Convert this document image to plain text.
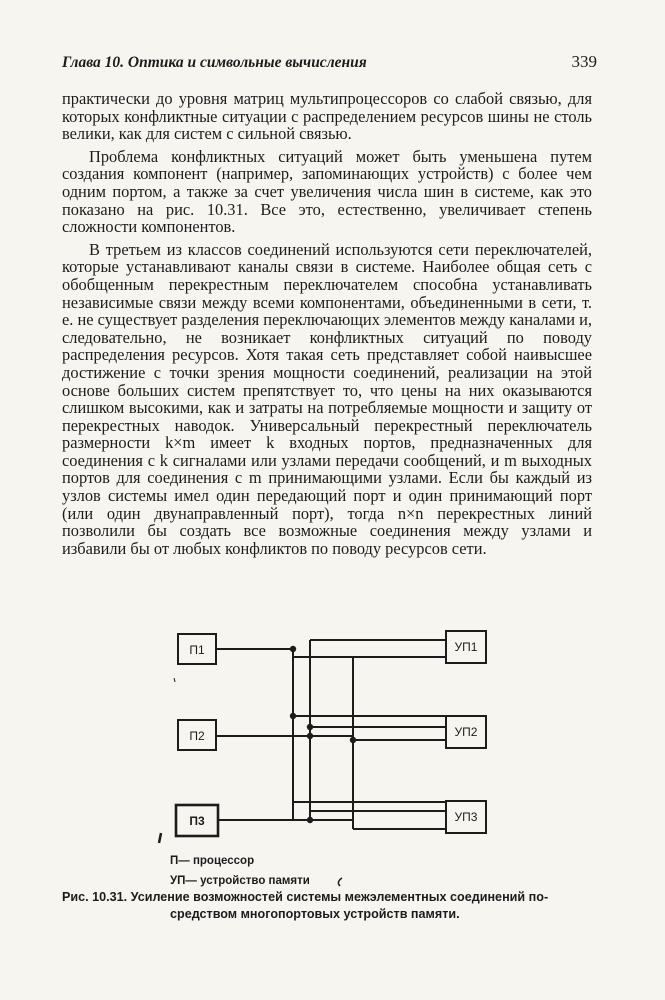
Глава 10. Оптика и символьные вычисления	339

практически до уровня матриц мультипроцессоров со слабой связью, для которых конфликтные ситуации с распределением ресурсов шины не столь велики, как для систем с сильной связью.

Проблема конфликтных ситуаций может быть уменьшена путем создания компонент (например, запоминающих устройств) с более чем одним портом, а также за счет увеличения числа шин в системе, как это показано на рис. 10.31. Все это, естественно, увеличивает степень сложности компонентов.

В третьем из классов соединений используются сети переключателей, которые устанавливают каналы связи в системе. Наиболее общая сеть с обобщенным перекрестным переключателем способна устанавливать независимые связи между всеми компонентами, объединенными в сети, т. е. не существует разделения переключающих элементов между каналами и, следовательно, не возникает конфликтных ситуаций по поводу распределения ресурсов. Хотя такая сеть представляет собой наивысшее достижение с точки зрения мощности соединений, реализации на этой основе больших систем препятствует то, что цены на них оказываются слишком высокими, как и затраты на потребляемые мощности и защиту от перекрестных наводок. Универсальный перекрестный переключатель размерности k×m имеет k входных портов, предназначенных для соединения с k сигналами или узлами передачи сообщений, и m выходных портов для соединения с m принимающими узлами. Если бы каждый из узлов системы имел один передающий порт и один принимающий порт (или один двунаправленный порт), тогда n×n перекрестных линий позволили бы создать все возможные соединения между узлами и избавили бы от любых конфликтов по поводу ресурсов сети.

П1
П2
П3
УП1
УП2
УП3
П— процессор
УП— устройство памяти
Рис. 10.31. Усиление возможностей системы межэлементных соединений по-
средством многопортовых устройств памяти.
